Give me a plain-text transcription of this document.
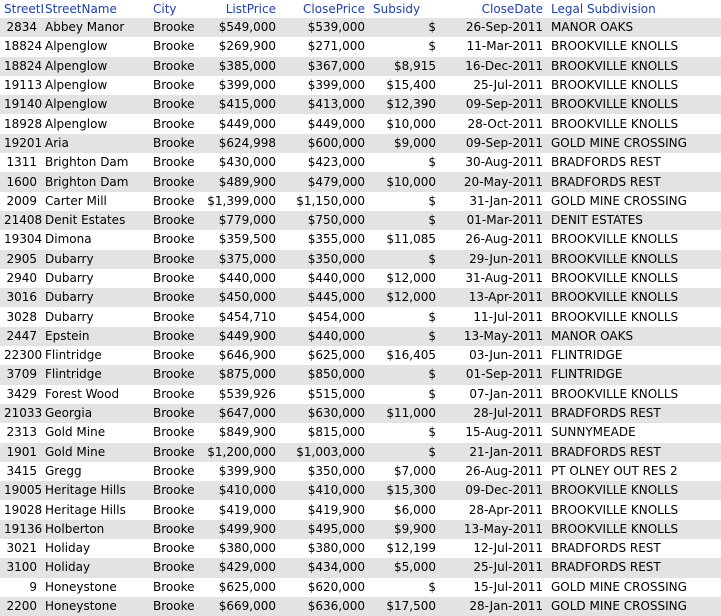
StreetI	StreetName	City	ListPrice	ClosePrice	Subsidy	CloseDate	Legal Subdivision
2834	Abbey Manor	Brooke	$549,000	$539,000	$	26-Sep-2011	MANOR OAKS
18824	Alpenglow	Brooke	$269,900	$271,000	$	11-Mar-2011	BROOKVILLE KNOLLS
18824	Alpenglow	Brooke	$385,000	$367,000	$8,915	16-Dec-2011	BROOKVILLE KNOLLS
19113	Alpenglow	Brooke	$399,000	$399,000	$15,400	25-Jul-2011	BROOKVILLE KNOLLS
19140	Alpenglow	Brooke	$415,000	$413,000	$12,390	09-Sep-2011	BROOKVILLE KNOLLS
18928	Alpenglow	Brooke	$449,000	$449,000	$10,000	28-Oct-2011	BROOKVILLE KNOLLS
19201	Aria	Brooke	$624,998	$600,000	$9,000	09-Sep-2011	GOLD MINE CROSSING
1311	Brighton Dam	Brooke	$430,000	$423,000	$	30-Aug-2011	BRADFORDS REST
1600	Brighton Dam	Brooke	$489,900	$479,000	$10,000	20-May-2011	BRADFORDS REST
2009	Carter Mill	Brooke	$1,399,000	$1,150,000	$	31-Jan-2011	GOLD MINE CROSSING
21408	Denit Estates	Brooke	$779,000	$750,000	$	01-Mar-2011	DENIT ESTATES
19304	Dimona	Brooke	$359,500	$355,000	$11,085	26-Aug-2011	BROOKVILLE KNOLLS
2905	Dubarry	Brooke	$375,000	$350,000	$	29-Jun-2011	BROOKVILLE KNOLLS
2940	Dubarry	Brooke	$440,000	$440,000	$12,000	31-Aug-2011	BROOKVILLE KNOLLS
3016	Dubarry	Brooke	$450,000	$445,000	$12,000	13-Apr-2011	BROOKVILLE KNOLLS
3028	Dubarry	Brooke	$454,710	$454,000	$	11-Jul-2011	BROOKVILLE KNOLLS
2447	Epstein	Brooke	$449,900	$440,000	$	13-May-2011	MANOR OAKS
22300	Flintridge	Brooke	$646,900	$625,000	$16,405	03-Jun-2011	FLINTRIDGE
3709	Flintridge	Brooke	$875,000	$850,000	$	01-Sep-2011	FLINTRIDGE
3429	Forest Wood	Brooke	$539,926	$515,000	$	07-Jan-2011	BROOKVILLE KNOLLS
21033	Georgia	Brooke	$647,000	$630,000	$11,000	28-Jul-2011	BRADFORDS REST
2313	Gold Mine	Brooke	$849,900	$815,000	$	15-Aug-2011	SUNNYMEADE
1901	Gold Mine	Brooke	$1,200,000	$1,003,000	$	21-Jan-2011	BRADFORDS REST
3415	Gregg	Brooke	$399,900	$350,000	$7,000	26-Aug-2011	PT OLNEY OUT RES 2
19005	Heritage Hills	Brooke	$410,000	$410,000	$15,300	09-Dec-2011	BROOKVILLE KNOLLS
19028	Heritage Hills	Brooke	$419,000	$419,900	$6,000	28-Apr-2011	BROOKVILLE KNOLLS
19136	Holberton	Brooke	$499,900	$495,000	$9,900	13-May-2011	BROOKVILLE KNOLLS
3021	Holiday	Brooke	$380,000	$380,000	$12,199	12-Jul-2011	BRADFORDS REST
3100	Holiday	Brooke	$429,000	$434,000	$5,000	25-Jul-2011	BRADFORDS REST
9	Honeystone	Brooke	$625,000	$620,000	$	15-Jul-2011	GOLD MINE CROSSING
2200	Honeystone	Brooke	$669,000	$636,000	$17,500	28-Jan-2011	GOLD MINE CROSSING
